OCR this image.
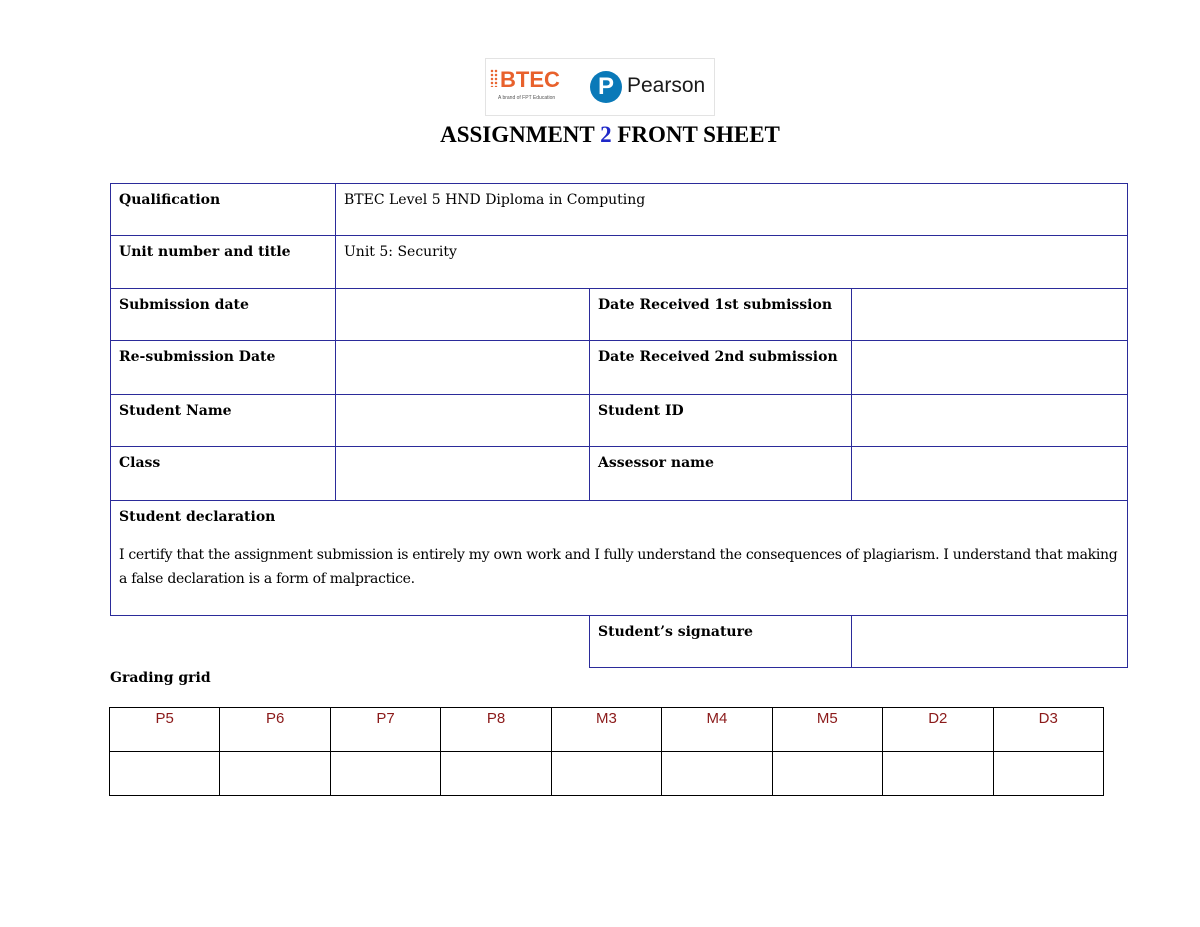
BTEC
A brand of FPT Education	P Pearson
ASSIGNMENT 2 FRONT SHEET
Qualification	BTEC Level 5 HND Diploma in Computing
Unit number and title	Unit 5: Security
Submission date	Date Received 1st submission
Re-submission Date	Date Received 2nd submission
Student Name	Student ID
Class	Assessor name
Student declaration
I certify that the assignment submission is entirely my own work and I fully understand the consequences of plagiarism. I understand that making a false declaration is a form of malpractice.
Student’s signature
Grading grid
P5	P6	P7	P8	M3	M4	M5	D2	D3
